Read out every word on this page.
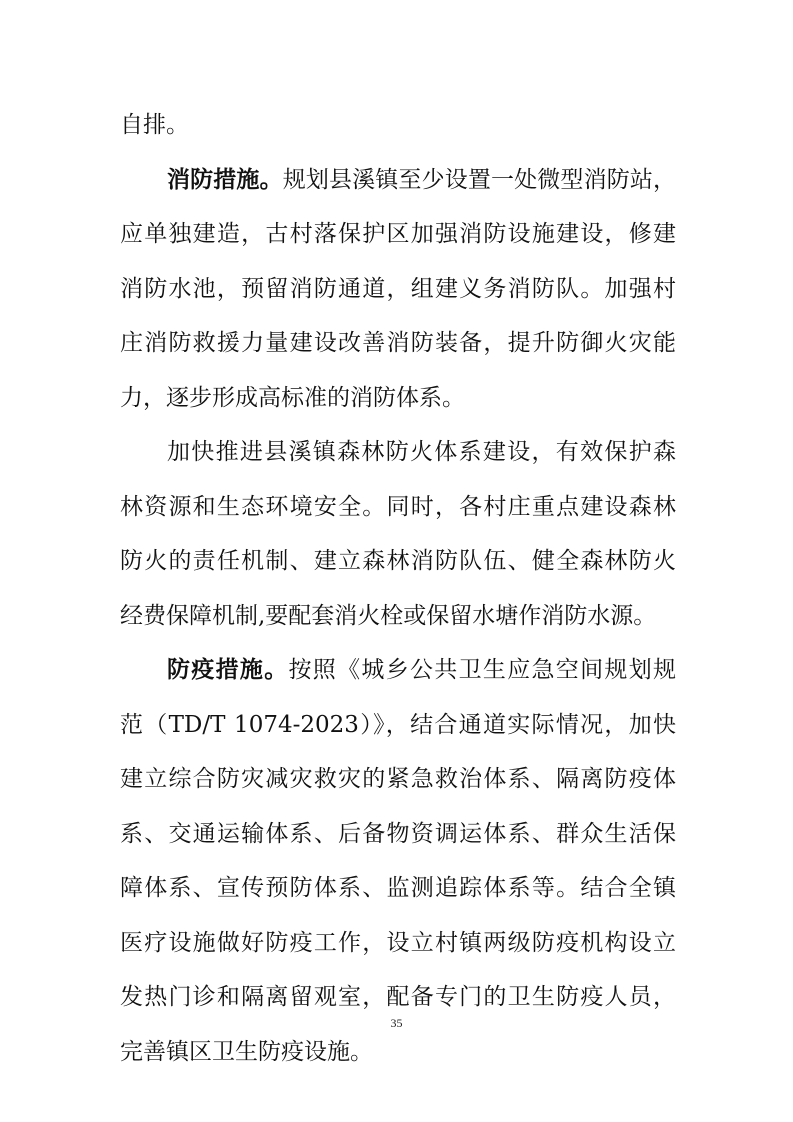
自排。
消防措施。规划县溪镇至少设置一处微型消防站，
应单独建造，古村落保护区加强消防设施建设，修建
消防水池，预留消防通道，组建义务消防队。加强村
庄消防救援力量建设改善消防装备，提升防御火灾能
力，逐步形成高标准的消防体系。
加快推进县溪镇森林防火体系建设，有效保护森
林资源和生态环境安全。同时，各村庄重点建设森林
防火的责任机制、建立森林消防队伍、健全森林防火
经费保障机制,要配套消火栓或保留水塘作消防水源。
防疫措施。按照《城乡公共卫生应急空间规划规
范（TD/T 1074-2023）》，结合通道实际情况，加快
建立综合防灾减灾救灾的紧急救治体系、隔离防疫体
系、交通运输体系、后备物资调运体系、群众生活保
障体系、宣传预防体系、监测追踪体系等。结合全镇
医疗设施做好防疫工作，设立村镇两级防疫机构设立
发热门诊和隔离留观室，配备专门的卫生防疫人员，
完善镇区卫生防疫设施。
35
